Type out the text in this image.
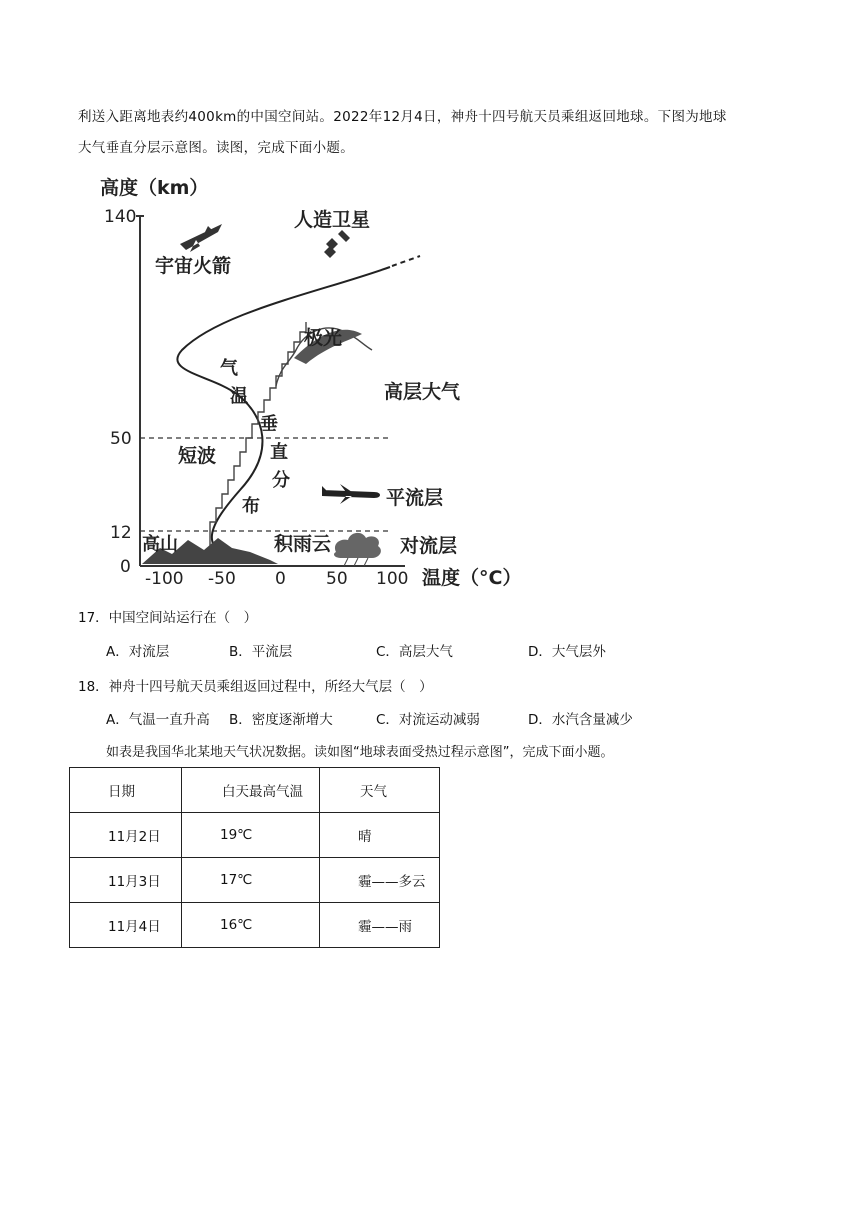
利送入距离地表约400km的中国空间站。2022年12月4日，神舟十四号航天员乘组返回地球。下图为地球
大气垂直分层示意图。读图，完成下面小题。
高度（km）
温度（°C）
140
50
12
0
-100 -50 0 50 100
气
温
垂
直
分
布
宇宙火箭
人造卫星
极光
高层大气
短波
平流层
积雨云	对流层
高山
17．中国空间站运行在（　）
A．对流层	B．平流层	C．高层大气	D．大气层外
18．神舟十四号航天员乘组返回过程中，所经大气层（　）
A．气温一直升高 B．密度逐渐增大	C．对流运动减弱	D．水汽含量减少
如表是我国华北某地天气状况数据。读如图“地球表面受热过程示意图”，完成下面小题。
日期	白天最高气温	天气
11月2日	19℃	晴
11月3日	17℃	霾——多云
11月4日	16℃	霾——雨
